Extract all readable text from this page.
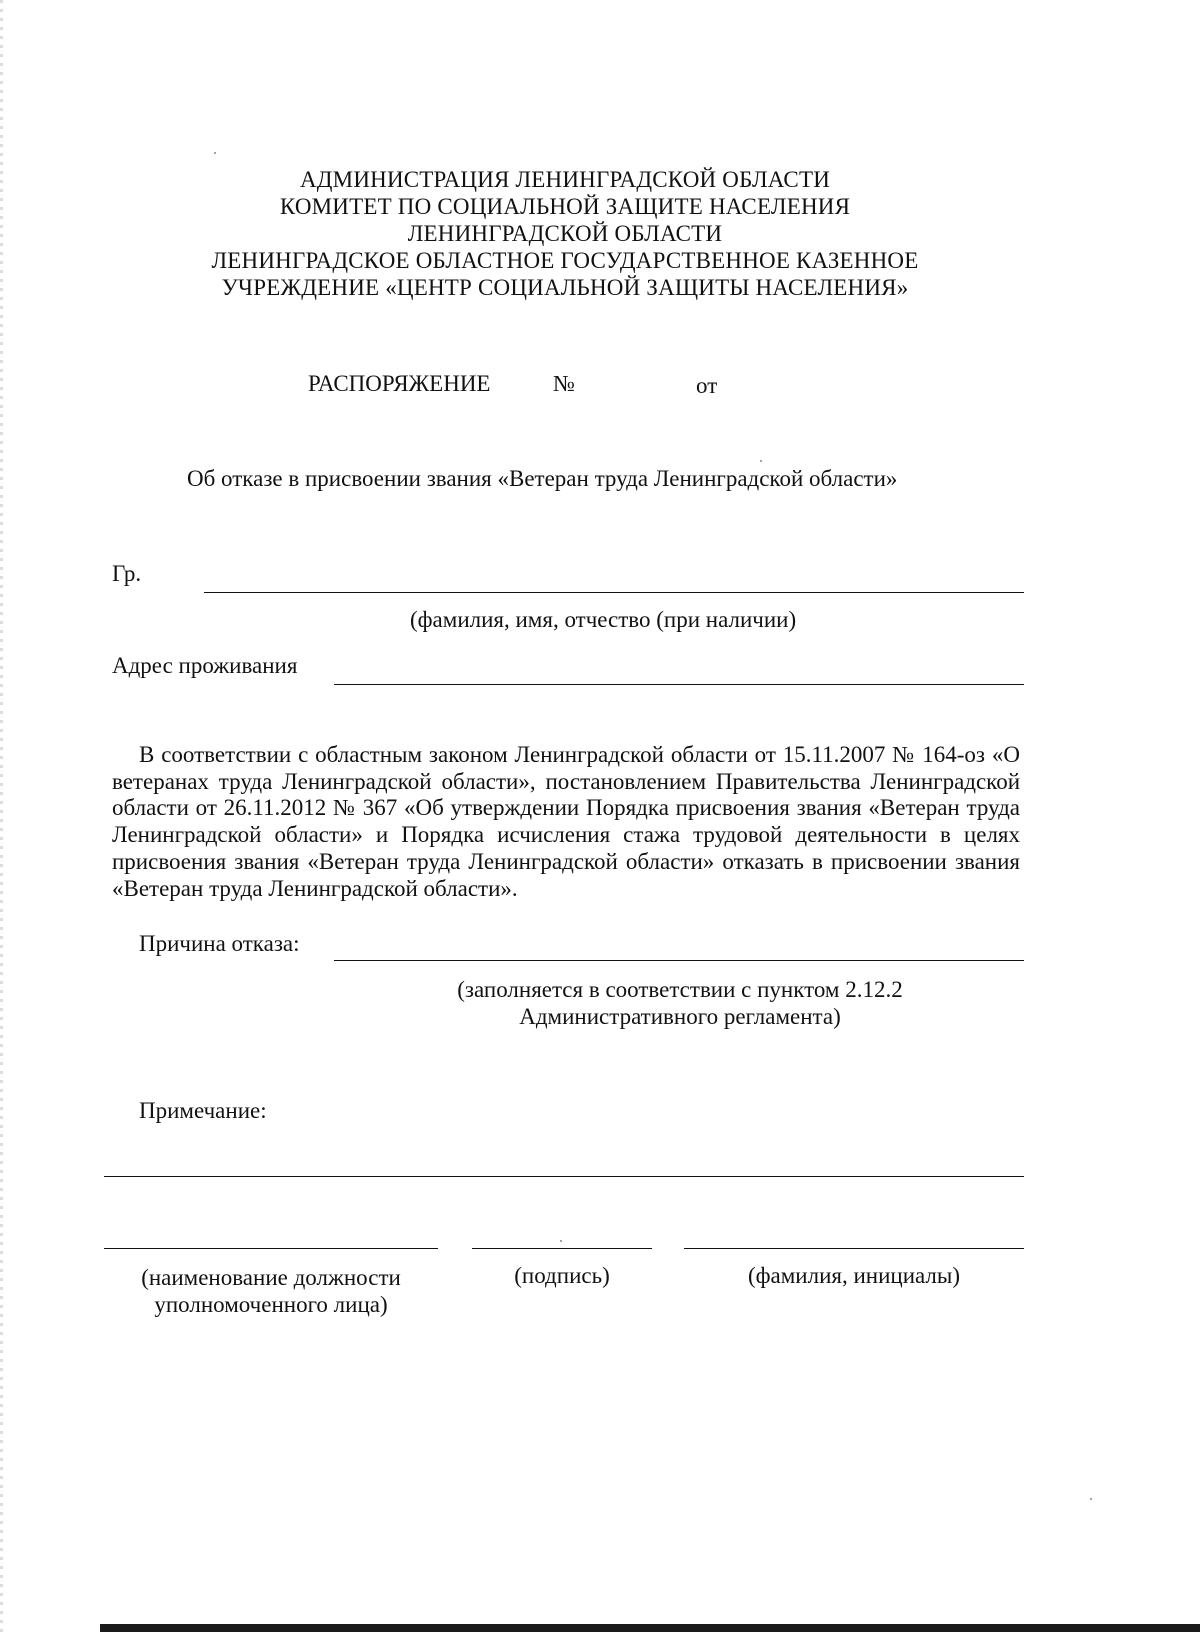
АДМИНИСТРАЦИЯ ЛЕНИНГРАДСКОЙ ОБЛАСТИ
КОМИТЕТ ПО СОЦИАЛЬНОЙ ЗАЩИТЕ НАСЕЛЕНИЯ
ЛЕНИНГРАДСКОЙ ОБЛАСТИ
ЛЕНИНГРАДСКОЕ ОБЛАСТНОЕ ГОСУДАРСТВЕННОЕ КАЗЕННОЕ
УЧРЕЖДЕНИЕ «ЦЕНТР СОЦИАЛЬНОЙ ЗАЩИТЫ НАСЕЛЕНИЯ»
РАСПОРЯЖЕНИЕ	№	от
Об отказе в присвоении звания «Ветеран труда Ленинградской области»
Гр.
(фамилия, имя, отчество (при наличии)
Адрес проживания
В соответствии с областным законом Ленинградской области от 15.11.2007 № 164-оз «О ветеранах труда Ленинградской области», постановлением Правительства Ленинградской области от 26.11.2012 № 367 «Об утверждении Порядка присвоения звания «Ветеран труда Ленинградской области» и Порядка исчисления стажа трудовой деятельности в целях присвоения звания «Ветеран труда Ленинградской области» отказать в присвоении звания «Ветеран труда Ленинградской области».
Причина отказа:
(заполняется в соответствии с пунктом 2.12.2
Административного регламента)
Примечание:
(наименование должности
уполномоченного лица)
(подпись)	(фамилия, инициалы)
